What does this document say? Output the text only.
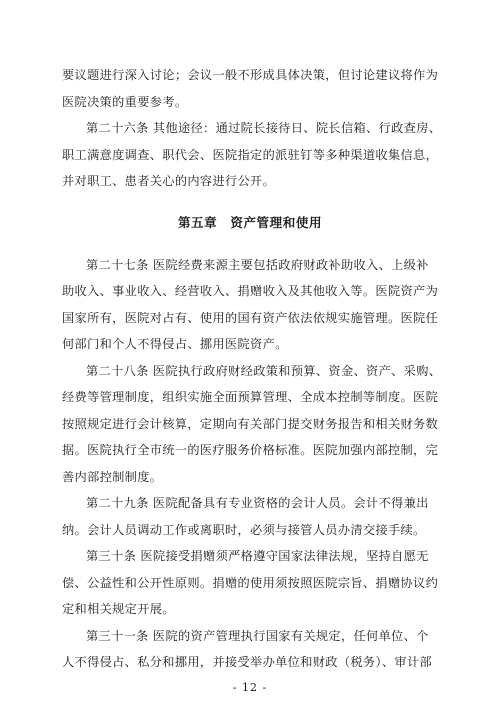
要议题进行深入讨论；会议一般不形成具体决策，但讨论建议将作为
医院决策的重要参考。
第二十六条 其他途径：通过院长接待日、院长信箱、行政查房、
职工满意度调查、职代会、医院指定的派驻钉等多种渠道收集信息，
并对职工、患者关心的内容进行公开。
第五章　资产管理和使用
第二十七条 医院经费来源主要包括政府财政补助收入、上级补
助收入、事业收入、经营收入、捐赠收入及其他收入等。医院资产为
国家所有，医院对占有、使用的国有资产依法依规实施管理。医院任
何部门和个人不得侵占、挪用医院资产。
第二十八条 医院执行政府财经政策和预算、资金、资产、采购、
经费等管理制度，组织实施全面预算管理、全成本控制等制度。医院
按照规定进行会计核算，定期向有关部门提交财务报告和相关财务数
据。医院执行全市统一的医疗服务价格标准。医院加强内部控制，完
善内部控制制度。
第二十九条 医院配备具有专业资格的会计人员。会计不得兼出
纳。会计人员调动工作或离职时，必须与接管人员办清交接手续。
第三十条 医院接受捐赠须严格遵守国家法律法规，坚持自愿无
偿、公益性和公开性原则。捐赠的使用须按照医院宗旨、捐赠协议约
定和相关规定开展。
第三十一条 医院的资产管理执行国家有关规定，任何单位、个
人不得侵占、私分和挪用，并接受举办单位和财政（税务）、审计部
- 12 -
